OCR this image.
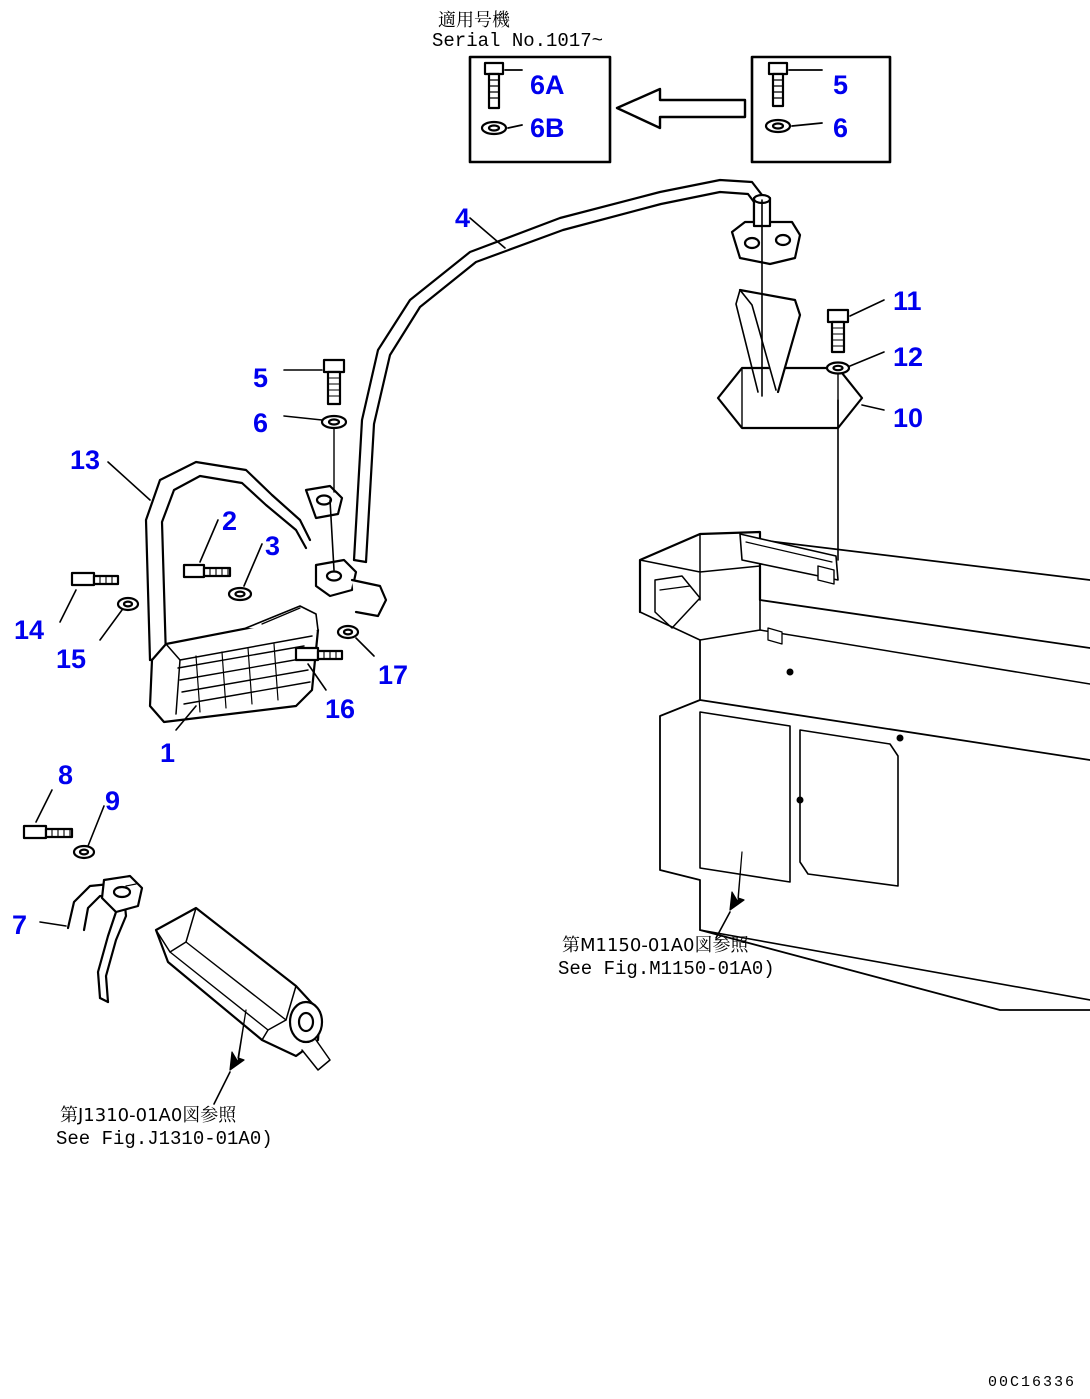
適用号機
Serial No.1017~
第M1150-01A0図参照
See Fig.M1150-01A0)
第J1310-01A0図参照
See Fig.J1310-01A0)
00C16336
6A
6B
5
6
4
11
12
10
5
6
13
2
3
14
15
17
16
1
8
9
7
